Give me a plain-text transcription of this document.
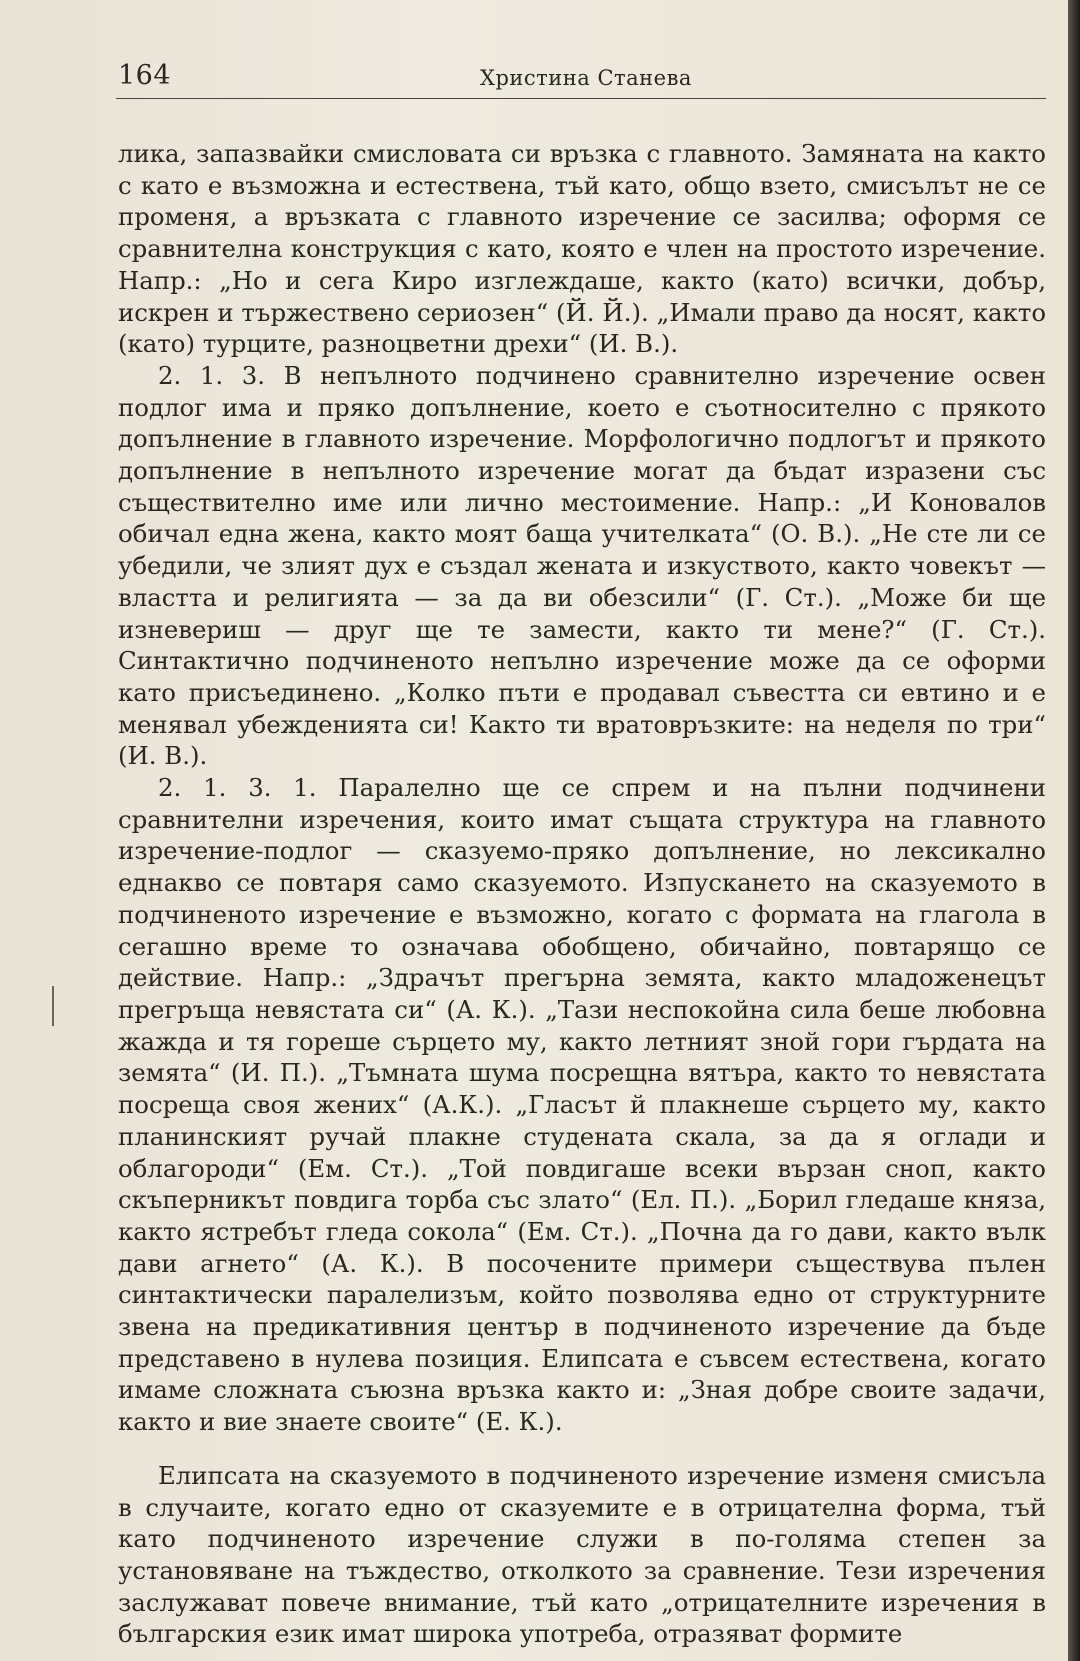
164	Христина Станева

лика, запазвайки смисловата си връзка с главното. Замяната на както с като е възможна и естествена, тъй като, общо взето, смисълът не се променя, а връзката с главното изречение се засилва; оформя се сравнителна конструкция с като, която е член на простото изречение. Напр.: „Но и сега Киро изглеждаше, както (като) всички, добър, искрен и тържествено сериозен“ (Й. Й.). „Имали право да носят, както (като) турците, разноцветни дрехи“ (И. В.).

2. 1. 3. В непълното подчинено сравнително изречение освен подлог има и пряко допълнение, което е съотносително с прякото допълнение в главното изречение. Морфологично подлогът и прякото допълнение в непълното изречение могат да бъдат изразени със съществително име или лично местоимение. Напр.: „И Коновалов обичал една жена, както моят баща учителката“ (О. В.). „Не сте ли се убедили, че злият дух е създал жената и изкуството, както човекът — властта и религията — за да ви обезсили“ (Г. Ст.). „Може би ще изневериш — друг ще те замести, както ти мене?“ (Г. Ст.). Синтактично подчиненото непълно изречение може да се оформи като присъединено. „Колко пъти е продавал съвестта си евтино и е менявал убежденията си! Както ти вратовръзките: на неделя по три“ (И. В.).

2. 1. 3. 1. Паралелно ще се спрем и на пълни подчинени сравнителни изречения, които имат същата структура на главното изречение-подлог — сказуемо-пряко допълнение, но лексикално еднакво се повтаря само сказуемото. Изпускането на сказуемото в подчиненото изречение е възможно, когато с формата на глагола в сегашно време то означава обобщено, обичайно, повтарящо се действие. Напр.: „Здрачът прегърна земята, както младоженецът прегръща невястата си“ (А. К.). „Тази неспокойна сила беше любовна жажда и тя гореше сърцето му, както летният зной гори гърдата на земята“ (И. П.). „Тъмната шума посрещна вятъра, както то невястата посреща своя жених“ (А.К.). „Гласът й плакнеше сърцето му, както планинският ручай плакне студената скала, за да я оглади и облагороди“ (Ем. Ст.). „Той повдигаше всеки вързан сноп, както скъперникът повдига торба със злато“ (Ел. П.). „Борил гледаше княза, както ястребът гледа сокола“ (Ем. Ст.). „Почна да го дави, както вълк дави агнето“ (А. К.). В посочените примери съществува пълен синтактически паралелизъм, който позволява едно от структурните звена на предикативния център в подчиненото изречение да бъде представено в нулева позиция. Елипсата е съвсем естествена, когато имаме сложната съюзна връзка както и: „Зная добре своите задачи, както и вие знаете своите“ (Е. К.).

Елипсата на сказуемото в подчиненото изречение изменя смисъла в случаите, когато едно от сказуемите е в отрицателна форма, тъй като подчиненото изречение служи в по-голяма степен за установяване на тъждество, отколкото за сравнение. Тези изречения заслужават повече внимание, тъй като „отрицателните изречения в българския език имат широка употреба, отразяват формите
